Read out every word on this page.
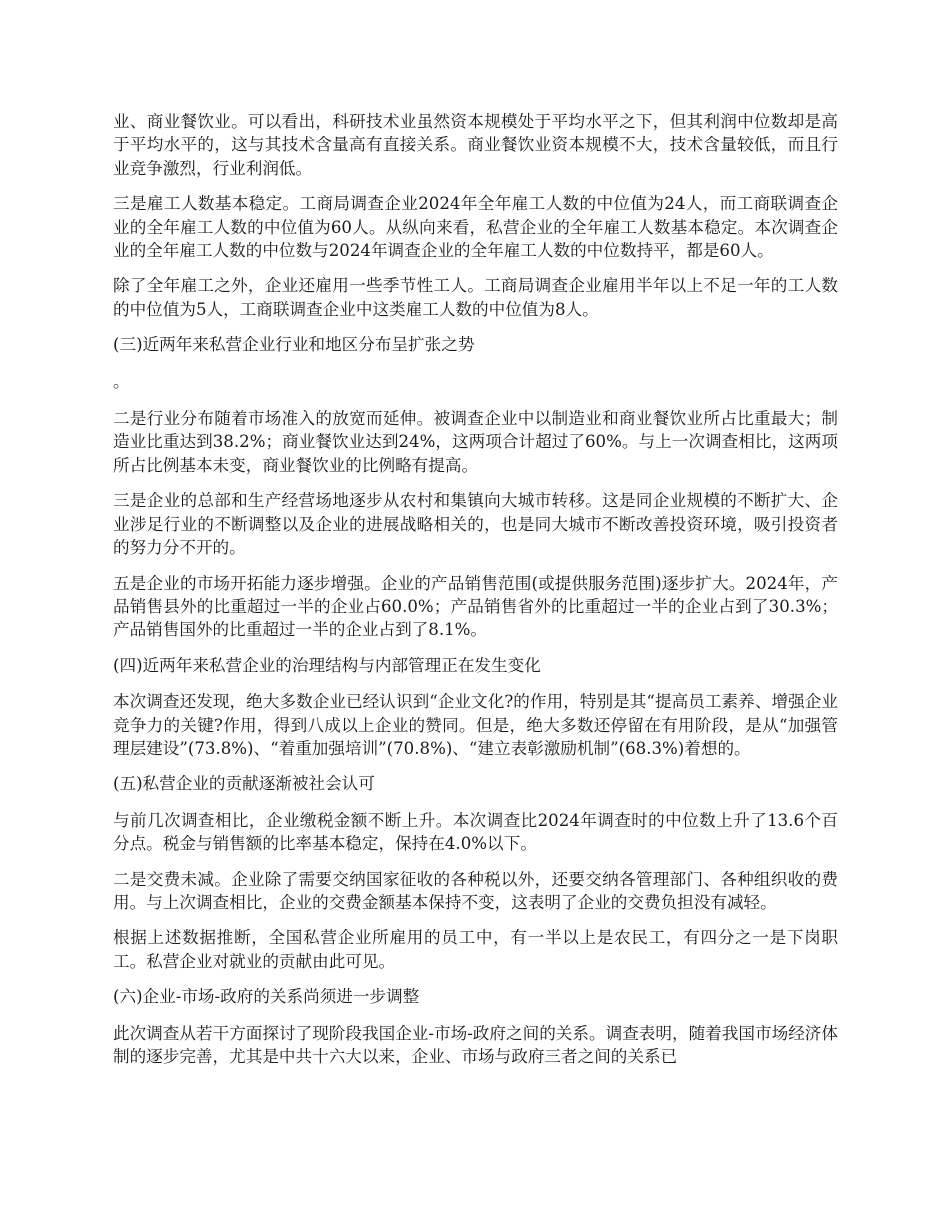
业、商业餐饮业。可以看出，科研技术业虽然资本规模处于平均水平之下，但其利润中位数却是高于平均水平的，这与其技术含量高有直接关系。商业餐饮业资本规模不大，技术含量较低，而且行业竞争激烈，行业利润低。

三是雇工人数基本稳定。工商局调查企业2024年全年雇工人数的中位值为24人，而工商联调查企业的全年雇工人数的中位值为60人。从纵向来看，私营企业的全年雇工人数基本稳定。本次调查企业的全年雇工人数的中位数与2024年调查企业的全年雇工人数的中位数持平，都是60人。

除了全年雇工之外，企业还雇用一些季节性工人。工商局调查企业雇用半年以上不足一年的工人数的中位值为5人，工商联调查企业中这类雇工人数的中位值为8人。

(三)近两年来私营企业行业和地区分布呈扩张之势

。

二是行业分布随着市场准入的放宽而延伸。被调查企业中以制造业和商业餐饮业所占比重最大；制造业比重达到38.2%；商业餐饮业达到24%，这两项合计超过了60%。与上一次调查相比，这两项所占比例基本未变，商业餐饮业的比例略有提高。

三是企业的总部和生产经营场地逐步从农村和集镇向大城市转移。这是同企业规模的不断扩大、企业涉足行业的不断调整以及企业的进展战略相关的，也是同大城市不断改善投资环境，吸引投资者的努力分不开的。

五是企业的市场开拓能力逐步增强。企业的产品销售范围(或提供服务范围)逐步扩大。2024年，产品销售县外的比重超过一半的企业占60.0%；产品销售省外的比重超过一半的企业占到了30.3%；产品销售国外的比重超过一半的企业占到了8.1%。

(四)近两年来私营企业的治理结构与内部管理正在发生变化

本次调查还发现，绝大多数企业已经认识到“企业文化?的作用，特别是其“提高员工素养、增强企业竞争力的关键?作用，得到八成以上企业的赞同。但是，绝大多数还停留在有用阶段，是从“加强管理层建设”(73.8%)、“着重加强培训”(70.8%)、“建立表彰激励机制”(68.3%)着想的。

(五)私营企业的贡献逐渐被社会认可

与前几次调查相比，企业缴税金额不断上升。本次调查比2024年调查时的中位数上升了13.6个百分点。税金与销售额的比率基本稳定，保持在4.0%以下。

二是交费未减。企业除了需要交纳国家征收的各种税以外，还要交纳各管理部门、各种组织收的费用。与上次调查相比，企业的交费金额基本保持不变，这表明了企业的交费负担没有减轻。

根据上述数据推断，全国私营企业所雇用的员工中，有一半以上是农民工，有四分之一是下岗职工。私营企业对就业的贡献由此可见。

(六)企业-市场-政府的关系尚须进一步调整

此次调查从若干方面探讨了现阶段我国企业-市场-政府之间的关系。调查表明，随着我国市场经济体制的逐步完善，尤其是中共十六大以来，企业、市场与政府三者之间的关系已
